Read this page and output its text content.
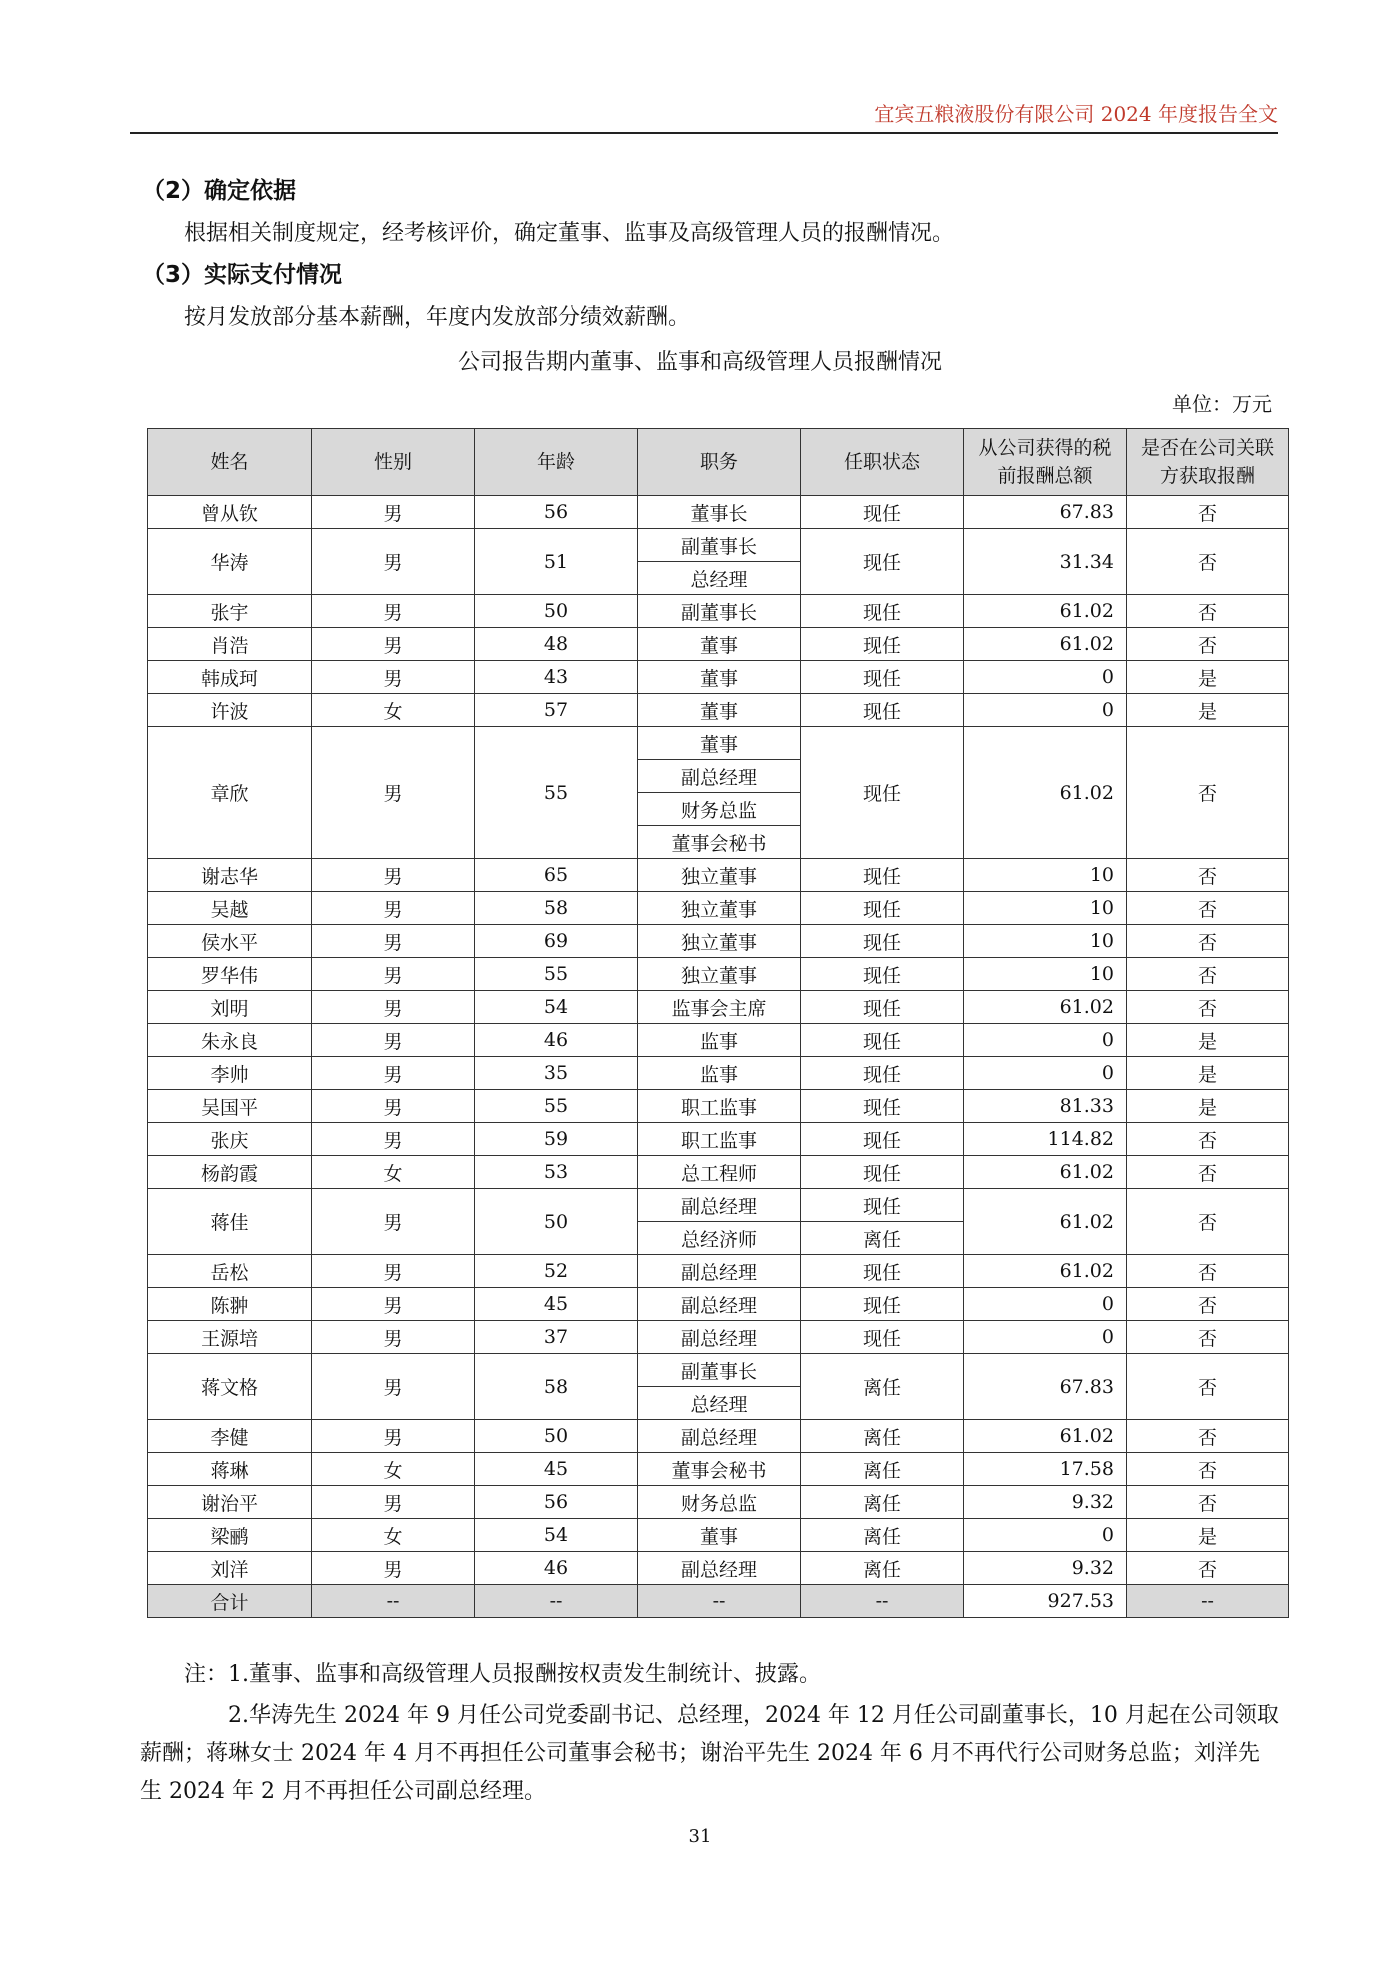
宜宾五粮液股份有限公司 2024 年度报告全文
（2）确定依据
根据相关制度规定，经考核评价，确定董事、监事及高级管理人员的报酬情况。
（3）实际支付情况
按月发放部分基本薪酬，年度内发放部分绩效薪酬。
公司报告期内董事、监事和高级管理人员报酬情况
单位：万元
姓名	性别	年龄	职务	任职状态	从公司获得的税前报酬总额	是否在公司关联方获取报酬
曾从钦	男	56	董事长	现任	67.83	否
华涛	男	51	副董事长	现任	31.34	否
			总经理			
张宇	男	50	副董事长	现任	61.02	否
肖浩	男	48	董事	现任	61.02	否
韩成珂	男	43	董事	现任	0	是
许波	女	57	董事	现任	0	是
章欣	男	55	董事	现任	61.02	否
			副总经理			
			财务总监			
			董事会秘书			
谢志华	男	65	独立董事	现任	10	否
吴越	男	58	独立董事	现任	10	否
侯水平	男	69	独立董事	现任	10	否
罗华伟	男	55	独立董事	现任	10	否
刘明	男	54	监事会主席	现任	61.02	否
朱永良	男	46	监事	现任	0	是
李帅	男	35	监事	现任	0	是
吴国平	男	55	职工监事	现任	81.33	是
张庆	男	59	职工监事	现任	114.82	否
杨韵霞	女	53	总工程师	现任	61.02	否
蒋佳	男	50	副总经理	现任	61.02	否
			总经济师	离任		
岳松	男	52	副总经理	现任	61.02	否
陈翀	男	45	副总经理	现任	0	否
王源培	男	37	副总经理	现任	0	否
蒋文格	男	58	副董事长	离任	67.83	否
			总经理			
李健	男	50	副总经理	离任	61.02	否
蒋琳	女	45	董事会秘书	离任	17.58	否
谢治平	男	56	财务总监	离任	9.32	否
梁鹂	女	54	董事	离任	0	是
刘洋	男	46	副总经理	离任	9.32	否
合计	--	--	--	--	927.53	--
注：1.董事、监事和高级管理人员报酬按权责发生制统计、披露。
2.华涛先生 2024 年 9 月任公司党委副书记、总经理，2024 年 12 月任公司副董事长，10 月起在公司领取薪酬；蒋琳女士 2024 年 4 月不再担任公司董事会秘书；谢治平先生 2024 年 6 月不再代行公司财务总监；刘洋先生 2024 年 2 月不再担任公司副总经理。
31
